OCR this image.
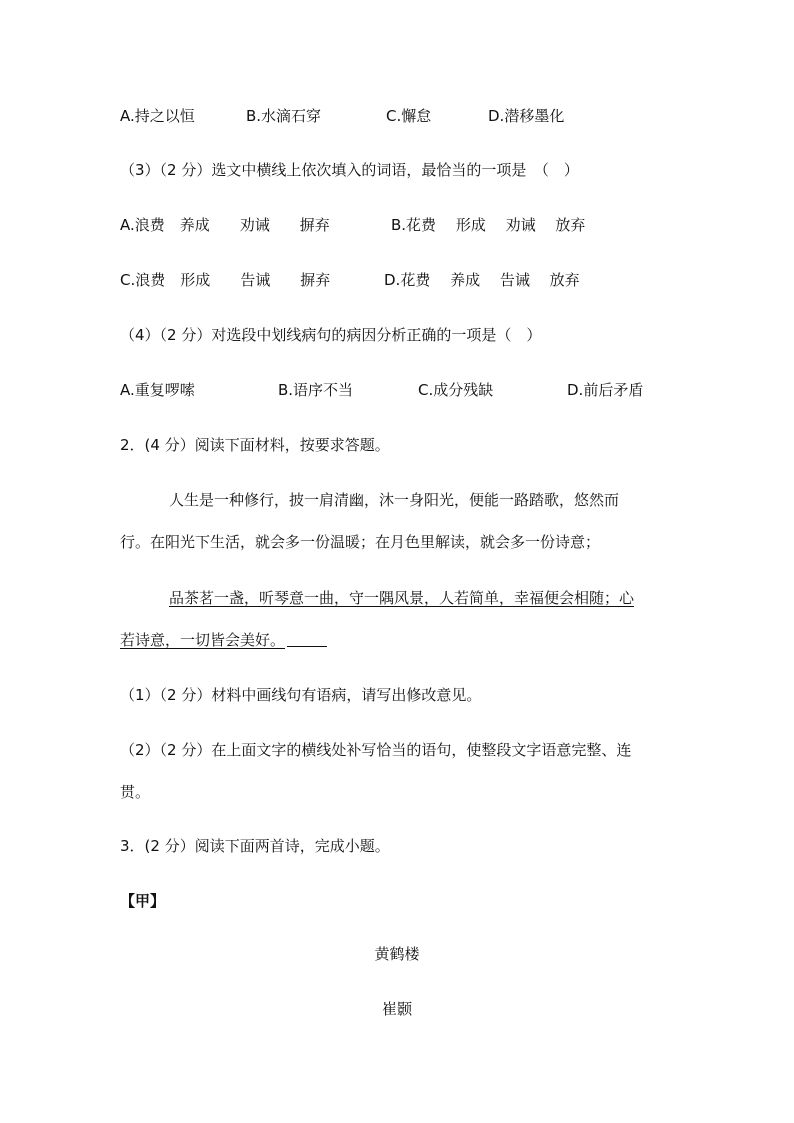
A.持之以恒	B.水滴石穿	C.懈怠	D.潜移墨化
（3）（2 分）选文中横线上依次填入的词语，最恰当的一项是　（　）
A.浪费　养成　　劝诫　　摒弃	B.花费　 形成　 劝诫　 放弃
C.浪费　形成　　告诫　　摒弃	D.花费　 养成　 告诫　 放弃
（4）（2 分）对选段中划线病句的病因分析正确的一项是（　）
A.重复啰嗦	B.语序不当	C.成分残缺	D.前后矛盾
2．(4 分）阅读下面材料，按要求答题。
人生是一种修行，披一肩清幽，沐一身阳光，便能一路踏歌，悠然而
行。在阳光下生活，就会多一份温暖；在月色里解读，就会多一份诗意；
品茶茗一盏，听琴意一曲，守一隅风景，人若简单，幸福便会相随；心
若诗意，一切皆会美好。
（1）（2 分）材料中画线句有语病，请写出修改意见。
（2）（2 分）在上面文字的横线处补写恰当的语句，使整段文字语意完整、连
贯。
3．(2 分）阅读下面两首诗，完成小题。
【甲】
黄鹤楼
崔颢
